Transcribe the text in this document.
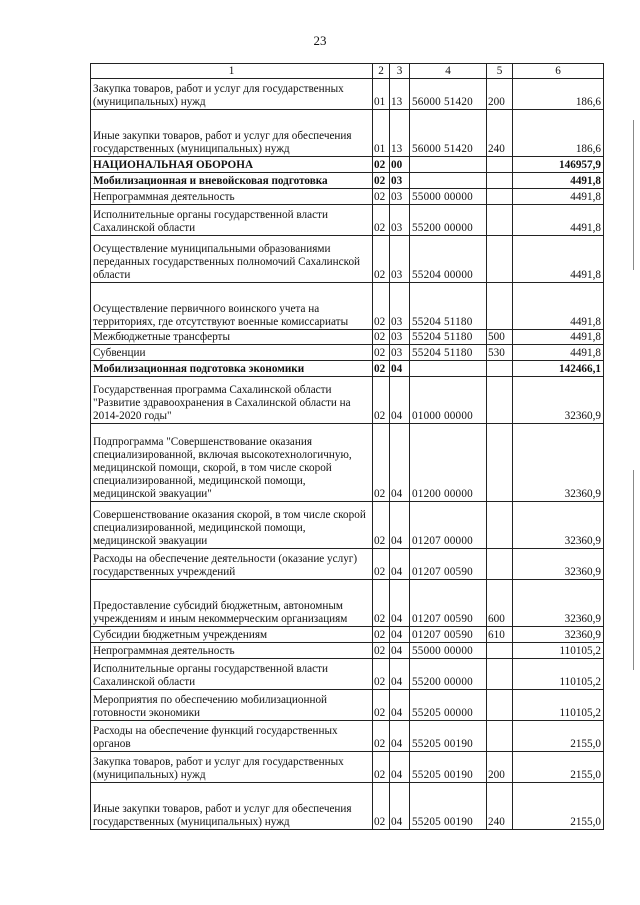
23
1	2	3	4	5	6
Закупка товаров, работ и услуг для государственных (муниципальных) нужд	01	13	56000 51420	200	186,6
Иные закупки товаров, работ и услуг для обеспечения государственных (муниципальных) нужд	01	13	56000 51420	240	186,6
НАЦИОНАЛЬНАЯ ОБОРОНА	02	00			146957,9
Мобилизационная и вневойсковая подготовка	02	03			4491,8
Непрограммная деятельность	02	03	55000 00000		4491,8
Исполнительные органы государственной власти Сахалинской области	02	03	55200 00000		4491,8
Осуществление муниципальными образованиями переданных государственных полномочий Сахалинской области	02	03	55204 00000		4491,8
Осуществление первичного воинского учета на территориях, где отсутствуют военные комиссариаты	02	03	55204 51180		4491,8
Межбюджетные трансферты	02	03	55204 51180	500	4491,8
Субвенции	02	03	55204 51180	530	4491,8
Мобилизационная подготовка экономики	02	04			142466,1
Государственная программа Сахалинской области "Развитие здравоохранения в Сахалинской области на 2014-2020 годы"	02	04	01000 00000		32360,9
Подпрограмма "Совершенствование оказания специализированной, включая высокотехнологичную, медицинской помощи, скорой, в том числе скорой специализированной, медицинской помощи, медицинской эвакуации"	02	04	01200 00000		32360,9
Совершенствование оказания скорой, в том числе скорой специализированной, медицинской помощи, медицинской эвакуации	02	04	01207 00000		32360,9
Расходы на обеспечение деятельности (оказание услуг) государственных учреждений	02	04	01207 00590		32360,9
Предоставление субсидий бюджетным, автономным учреждениям и иным некоммерческим организациям	02	04	01207 00590	600	32360,9
Субсидии бюджетным учреждениям	02	04	01207 00590	610	32360,9
Непрограммная деятельность	02	04	55000 00000		110105,2
Исполнительные органы государственной власти Сахалинской области	02	04	55200 00000		110105,2
Мероприятия по обеспечению мобилизационной готовности экономики	02	04	55205 00000		110105,2
Расходы на обеспечение функций государственных органов	02	04	55205 00190		2155,0
Закупка товаров, работ и услуг для государственных (муниципальных) нужд	02	04	55205 00190	200	2155,0
Иные закупки товаров, работ и услуг для обеспечения государственных (муниципальных) нужд	02	04	55205 00190	240	2155,0
